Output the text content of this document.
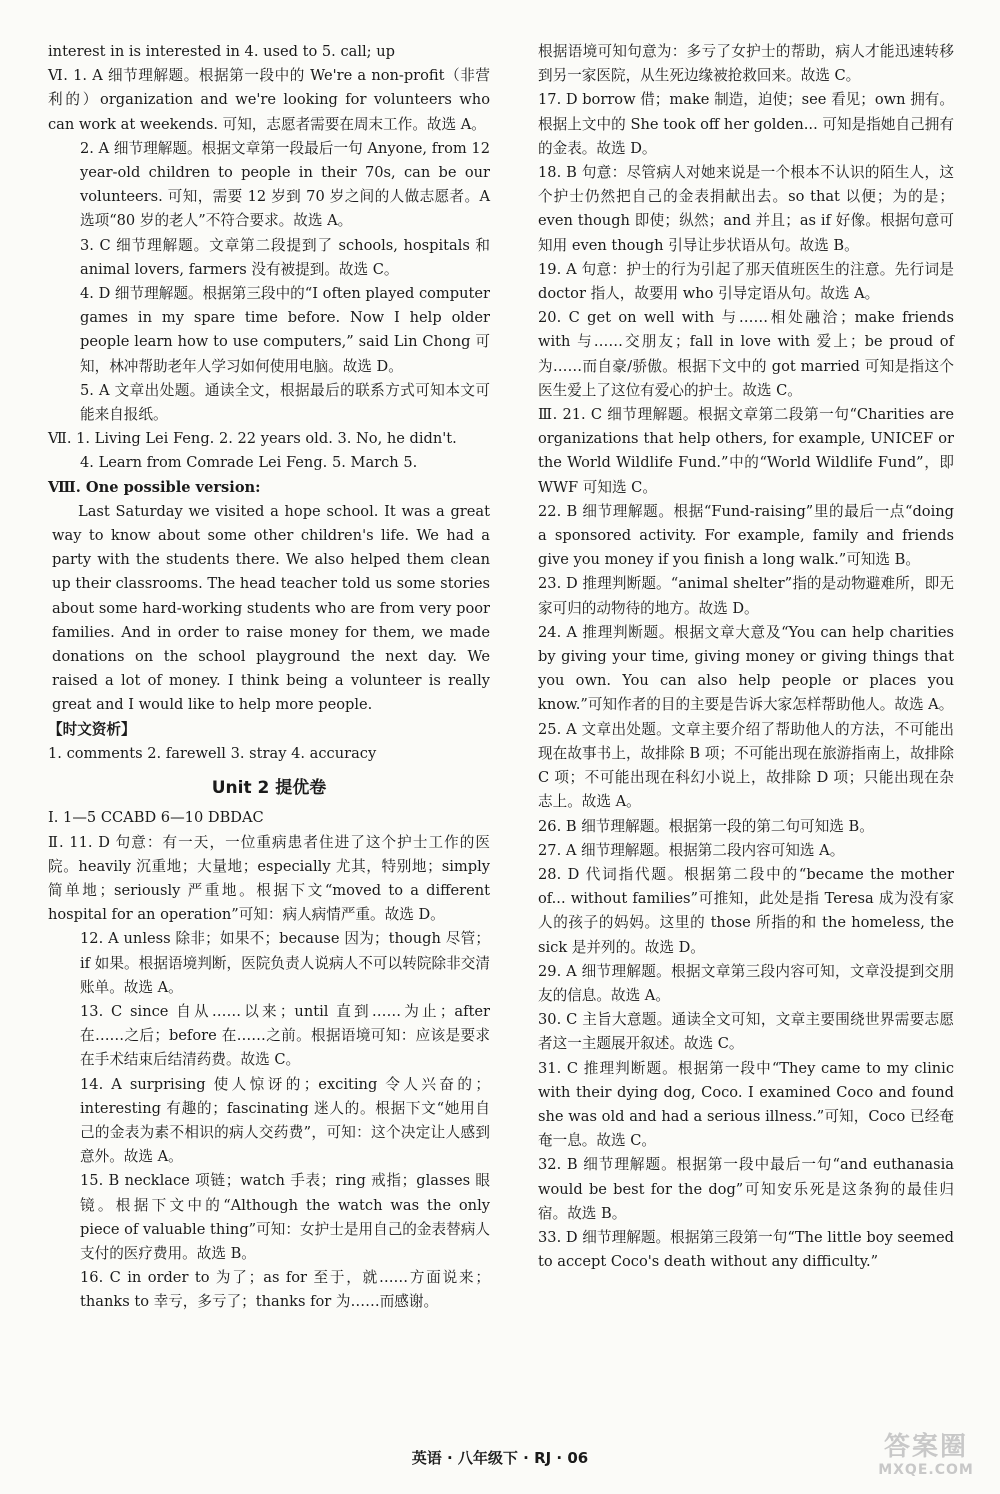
interest in is interested in 4. used to 5. call; up
Ⅵ. 1. A 细节理解题。根据第一段中的 We're a non-profit（非营利的）organization and we're looking for volunteers who can work at weekends. 可知，志愿者需要在周末工作。故选 A。
2. A 细节理解题。根据文章第一段最后一句 Anyone, from 12 year-old children to people in their 70s, can be our volunteers. 可知，需要 12 岁到 70 岁之间的人做志愿者。A 选项“80 岁的老人”不符合要求。故选 A。
3. C 细节理解题。文章第二段提到了 schools, hospitals 和 animal lovers, farmers 没有被提到。故选 C。
4. D 细节理解题。根据第三段中的“I often played computer games in my spare time before. Now I help older people learn how to use computers,” said Lin Chong 可知，林冲帮助老年人学习如何使用电脑。故选 D。
5. A 文章出处题。通读全文，根据最后的联系方式可知本文可能来自报纸。
Ⅶ. 1. Living Lei Feng. 2. 22 years old. 3. No, he didn't.
4. Learn from Comrade Lei Feng. 5. March 5.
Ⅷ. One possible version:
Last Saturday we visited a hope school. It was a great way to know about some other children's life. We had a party with the students there. We also helped them clean up their classrooms. The head teacher told us some stories about some hard-working students who are from very poor families. And in order to raise money for them, we made donations on the school playground the next day. We raised a lot of money. I think being a volunteer is really great and I would like to help more people.
【时文资析】
1. comments 2. farewell 3. stray 4. accuracy
Unit 2 提优卷
Ⅰ. 1—5 CCABD 6—10 DBDAC
Ⅱ. 11. D 句意：有一天，一位重病患者住进了这个护士工作的医院。heavily 沉重地；大量地；especially 尤其，特别地；simply 简单地；seriously 严重地。根据下文“moved to a different hospital for an operation”可知：病人病情严重。故选 D。
12. A unless 除非；如果不；because 因为；though 尽管；if 如果。根据语境判断，医院负责人说病人不可以转院除非交清账单。故选 A。
13. C since 自从……以来；until 直到……为止；after 在……之后；before 在……之前。根据语境可知：应该是要求在手术结束后结清药费。故选 C。
14. A surprising 使人惊讶的；exciting 令人兴奋的；interesting 有趣的；fascinating 迷人的。根据下文“她用自己的金表为素不相识的病人交药费”，可知：这个决定让人感到意外。故选 A。
15. B necklace 项链；watch 手表；ring 戒指；glasses 眼镜。根据下文中的“Although the watch was the only piece of valuable thing”可知：女护士是用自己的金表替病人支付的医疗费用。故选 B。
16. C in order to 为了；as for 至于，就……方面说来；thanks to 幸亏，多亏了；thanks for 为……而感谢。
根据语境可知句意为：多亏了女护士的帮助，病人才能迅速转移到另一家医院，从生死边缘被抢救回来。故选 C。
17. D borrow 借；make 制造，迫使；see 看见；own 拥有。根据上文中的 She took off her golden... 可知是指她自己拥有的金表。故选 D。
18. B 句意：尽管病人对她来说是一个根本不认识的陌生人，这个护士仍然把自己的金表捐献出去。so that 以便；为的是；even though 即使；纵然；and 并且；as if 好像。根据句意可知用 even though 引导让步状语从句。故选 B。
19. A 句意：护士的行为引起了那天值班医生的注意。先行词是 doctor 指人，故要用 who 引导定语从句。故选 A。
20. C get on well with 与……相处融洽；make friends with 与……交朋友；fall in love with 爱上；be proud of 为……而自豪/骄傲。根据下文中的 got married 可知是指这个医生爱上了这位有爱心的护士。故选 C。
Ⅲ. 21. C 细节理解题。根据文章第二段第一句“Charities are organizations that help others, for example, UNICEF or the World Wildlife Fund.”中的“World Wildlife Fund”，即 WWF 可知选 C。
22. B 细节理解题。根据“Fund-raising”里的最后一点“doing a sponsored activity. For example, family and friends give you money if you finish a long walk.”可知选 B。
23. D 推理判断题。“animal shelter”指的是动物避难所，即无家可归的动物待的地方。故选 D。
24. A 推理判断题。根据文章大意及“You can help charities by giving your time, giving money or giving things that you own. You can also help people or places you know.”可知作者的目的主要是告诉大家怎样帮助他人。故选 A。
25. A 文章出处题。文章主要介绍了帮助他人的方法，不可能出现在故事书上，故排除 B 项；不可能出现在旅游指南上，故排除 C 项；不可能出现在科幻小说上，故排除 D 项；只能出现在杂志上。故选 A。
26. B 细节理解题。根据第一段的第二句可知选 B。
27. A 细节理解题。根据第二段内容可知选 A。
28. D 代词指代题。根据第二段中的“became the mother of... without families”可推知，此处是指 Teresa 成为没有家人的孩子的妈妈。这里的 those 所指的和 the homeless, the sick 是并列的。故选 D。
29. A 细节理解题。根据文章第三段内容可知，文章没提到交朋友的信息。故选 A。
30. C 主旨大意题。通读全文可知，文章主要围绕世界需要志愿者这一主题展开叙述。故选 C。
31. C 推理判断题。根据第一段中“They came to my clinic with their dying dog, Coco. I examined Coco and found she was old and had a serious illness.”可知，Coco 已经奄奄一息。故选 C。
32. B 细节理解题。根据第一段中最后一句“and euthanasia would be best for the dog”可知安乐死是这条狗的最佳归宿。故选 B。
33. D 细节理解题。根据第三段第一句“The little boy seemed to accept Coco's death without any difficulty.”
英语 · 八年级下 · RJ · 06	答案圈
MXQE.COM
